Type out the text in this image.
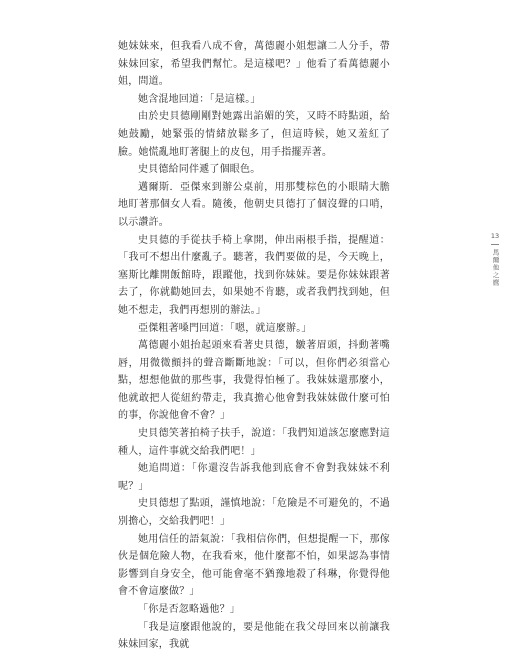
她妹妹來，但我看八成不會，萬德麗小姐想讓二人分手，帶妹妹回家，希望我們幫忙。是這樣吧？」他看了看萬德麗小姐，問道。

她含混地回道：「是這樣。」

由於史貝德剛剛對她露出諂媚的笑，又時不時點頭，給她鼓勵，她緊張的情緒放鬆多了，但這時候，她又羞紅了臉。她慌亂地盯著腿上的皮包，用手指擺弄著。

史貝德給同伴遞了個眼色。

邁爾斯．亞傑來到辦公桌前，用那雙棕色的小眼睛大膽地盯著那個女人看。隨後，他朝史貝德打了個沒聲的口哨，以示讚許。

史貝德的手從扶手椅上拿開，伸出兩根手指，提醒道：「我可不想出什麼亂子。聽著，我們要做的是，今天晚上，塞斯比離開飯館時，跟蹤他，找到你妹妹。要是你妹妹跟著去了，你就勸她回去，如果她不肯聽，或者我們找到她，但她不想走，我們再想別的辦法。」

亞傑粗著嗓門回道：「嗯，就這麼辦。」

萬德麗小姐抬起頭來看著史貝德，皺著眉頭，抖動著嘴唇，用微微顫抖的聲音斷斷地說：「可以，但你們必須當心點，想想他做的那些事，我覺得怕極了。我妹妹還那麼小，他就敢把人從紐約帶走，我真擔心他會對我妹妹做什麼可怕的事，你說他會不會？」

史貝德笑著拍椅子扶手，說道：「我們知道該怎麼應對這種人，這件事就交給我們吧！」

她追問道：「你還沒告訴我他到底會不會對我妹妹不利呢？」

史貝德想了點頭，謹慎地說：「危險是不可避免的，不過別擔心，交給我們吧！」

她用信任的語氣說：「我相信你們，但想提醒一下，那傢伙是個危險人物，在我看來，他什麼都不怕，如果認為事情影響到自身安全，他可能會毫不猶豫地殺了科琳，你覺得他會不會這麼做？」

「你是否忽略過他？」

「我是這麼跟他說的，要是他能在我父母回來以前讓我妹妹回家，我就

13
馬爾他之鷹
